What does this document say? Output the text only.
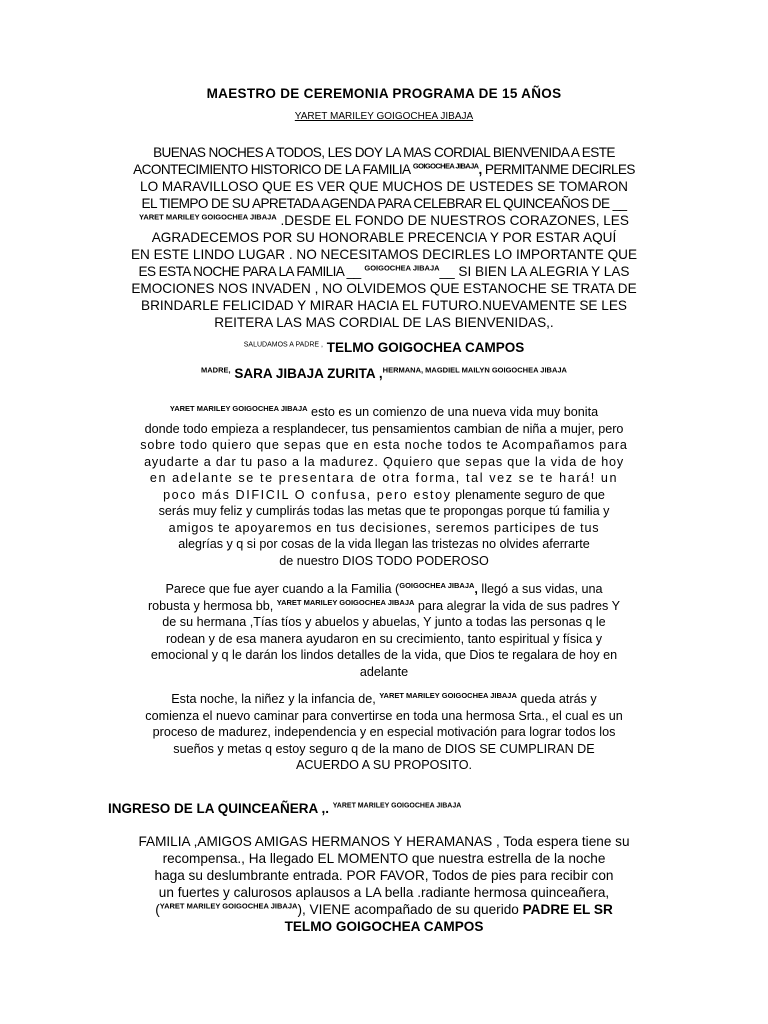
MAESTRO DE CEREMONIA PROGRAMA DE 15 AÑOS
YARET MARILEY GOIGOCHEA JIBAJA
BUENAS NOCHES A TODOS, LES DOY LA MAS CORDIAL BIENVENIDA A ESTE
ACONTECIMIENTO HISTORICO DE LA FAMILIA $^{GOIGOCHEA JIBAJA}$, PERMITANME DECIRLES
LO MARAVILLOSO QUE ES VER QUE MUCHOS DE USTEDES SE TOMARON
EL TIEMPO DE SU APRETADA AGENDA PARA CELEBRAR EL QUINCEAÑOS DE __
$^{YARET MARILEY GOIGOCHEA JIBAJA}$ .DESDE EL FONDO DE NUESTROS CORAZONES, LES
AGRADECEMOS POR SU HONORABLE PRECENCIA Y POR ESTAR AQUÍ
EN ESTE LINDO LUGAR . NO NECESITAMOS DECIRLES LO IMPORTANTE QUE
ES ESTA NOCHE PARA LA FAMILIA __ $^{GOIGOCHEA JIBAJA}$__ SI BIEN LA ALEGRIA Y LAS
EMOCIONES NOS INVADEN , NO OLVIDEMOS QUE ESTANOCHE SE TRATA DE
BRINDARLE FELICIDAD Y MIRAR HACIA EL FUTURO.NUEVAMENTE SE LES
REITERA LAS MAS CORDIAL DE LAS BIENVENIDAS,.
$^{SALUDAMOS A PADRE ,}$ TELMO GOIGOCHEA CAMPOS
$^{MADRE,}$ SARA JIBAJA ZURITA ,$^{HERMANA, MAGDIEL MAILYN GOIGOCHEA JIBAJA}$
$^{YARET MARILEY GOIGOCHEA JIBAJA}$ esto es un comienzo de una nueva vida muy bonita
donde todo empieza a resplandecer, tus pensamientos cambian de niña a mujer, pero
sobre todo quiero que sepas que en esta noche todos te Acompañamos para
ayudarte a dar tu paso a la madurez. Ǫquiero que sepas que la vida de hoy
en adelante se te presentara de otra forma, tal vez se te hará! un
poco más DIFICIL O confusa, pero estoy plenamente seguro de que
serás muy feliz y cumplirás todas las metas que te propongas porque tú familia y
amigos te apoyaremos en tus decisiones, seremos participes de tus
alegrías y q si por cosas de la vida llegan las tristezas no olvides aferrarte
de nuestro DIOS TODO PODEROSO
Parece que fue ayer cuando a la Familia ($^{GOIGOCHEA JIBAJA}$, llegó a sus vidas, una
robusta y hermosa bb, $^{YARET MARILEY GOIGOCHEA JIBAJA}$ para alegrar la vida de sus padres Y
de su hermana ,Tías tíos y abuelos y abuelas, Y junto a todas las personas q le
rodean y de esa manera ayudaron en su crecimiento, tanto espiritual y física y
emocional y q le darán los lindos detalles de la vida, que Dios te regalara de hoy en
adelante
Esta noche, la niñez y la infancia de, $^{YARET MARILEY GOIGOCHEA JIBAJA}$ queda atrás y
comienza el nuevo caminar para convertirse en toda una hermosa Srta., el cual es un
proceso de madurez, independencia y en especial motivación para lograr todos los
sueños y metas q estoy seguro q de la mano de DIOS SE CUMPLIRAN DE
ACUERDO A SU PROPOSITO.
INGRESO DE LA QUINCEAÑERA ,. $^{YARET MARILEY GOIGOCHEA JIBAJA}$
FAMILIA ,AMIGOS AMIGAS HERMANOS Y HERAMANAS , Toda espera tiene su
recompensa., Ha llegado EL MOMENTO que nuestra estrella de la noche
haga su deslumbrante entrada. POR FAVOR, Todos de pies para recibir con
un fuertes y calurosos aplausos a LA bella .radiante hermosa quinceañera,
($^{YARET MARILEY GOIGOCHEA JIBAJA}$), VIENE acompañado de su querido PADRE EL SR
TELMO GOIGOCHEA CAMPOS
